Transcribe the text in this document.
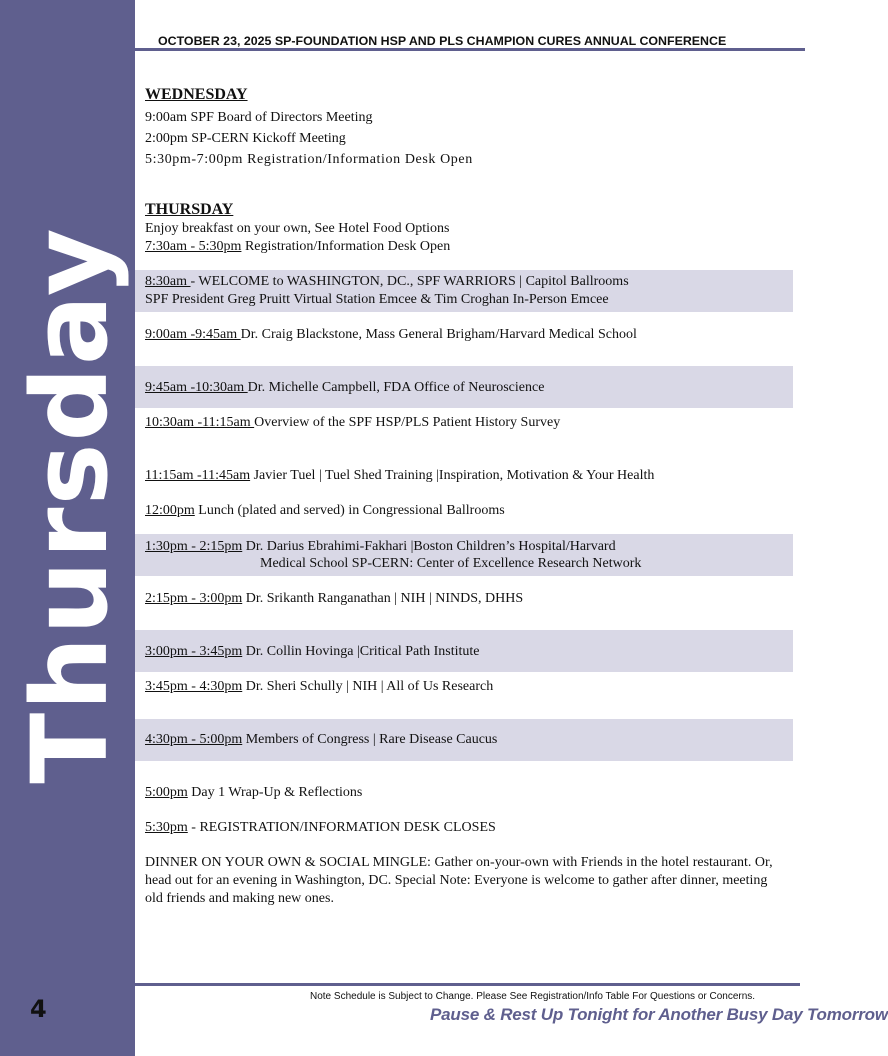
Thursday
4
OCTOBER 23, 2025 SP-FOUNDATION HSP AND PLS CHAMPION CURES ANNUAL CONFERENCE
WEDNESDAY
9:00am SPF Board of Directors Meeting
2:00pm SP-CERN Kickoff Meeting
5:30pm-7:00pm Registration/Information Desk Open
THURSDAY
Enjoy breakfast on your own, See Hotel Food Options
7:30am - 5:30pm Registration/Information Desk Open
8:30am - WELCOME to WASHINGTON, DC., SPF WARRIORS | Capitol Ballrooms
SPF President Greg Pruitt Virtual Station Emcee & Tim Croghan In-Person Emcee
9:00am -9:45am Dr. Craig Blackstone, Mass General Brigham/Harvard Medical School
9:45am -10:30am Dr. Michelle Campbell, FDA Office of Neuroscience
10:30am -11:15am Overview of the SPF HSP/PLS Patient History Survey
11:15am -11:45am Javier Tuel | Tuel Shed Training |Inspiration, Motivation & Your Health
12:00pm Lunch (plated and served) in Congressional Ballrooms
1:30pm - 2:15pm Dr. Darius Ebrahimi-Fakhari |Boston Children’s Hospital/Harvard
Medical School SP-CERN: Center of Excellence Research Network
2:15pm - 3:00pm Dr. Srikanth Ranganathan | NIH | NINDS, DHHS
3:00pm - 3:45pm Dr. Collin Hovinga |Critical Path Institute
3:45pm - 4:30pm Dr. Sheri Schully | NIH | All of Us Research
4:30pm - 5:00pm Members of Congress | Rare Disease Caucus
5:00pm Day 1 Wrap-Up & Reflections
5:30pm - REGISTRATION/INFORMATION DESK CLOSES
DINNER ON YOUR OWN & SOCIAL MINGLE: Gather on-your-own with Friends in the hotel restaurant. Or, head out for an evening in Washington, DC. Special Note: Everyone is welcome to gather after dinner, meeting old friends and making new ones.
Note Schedule is Subject to Change. Please See Registration/Info Table For Questions or Concerns.
Pause & Rest Up Tonight for Another Busy Day Tomorrow
